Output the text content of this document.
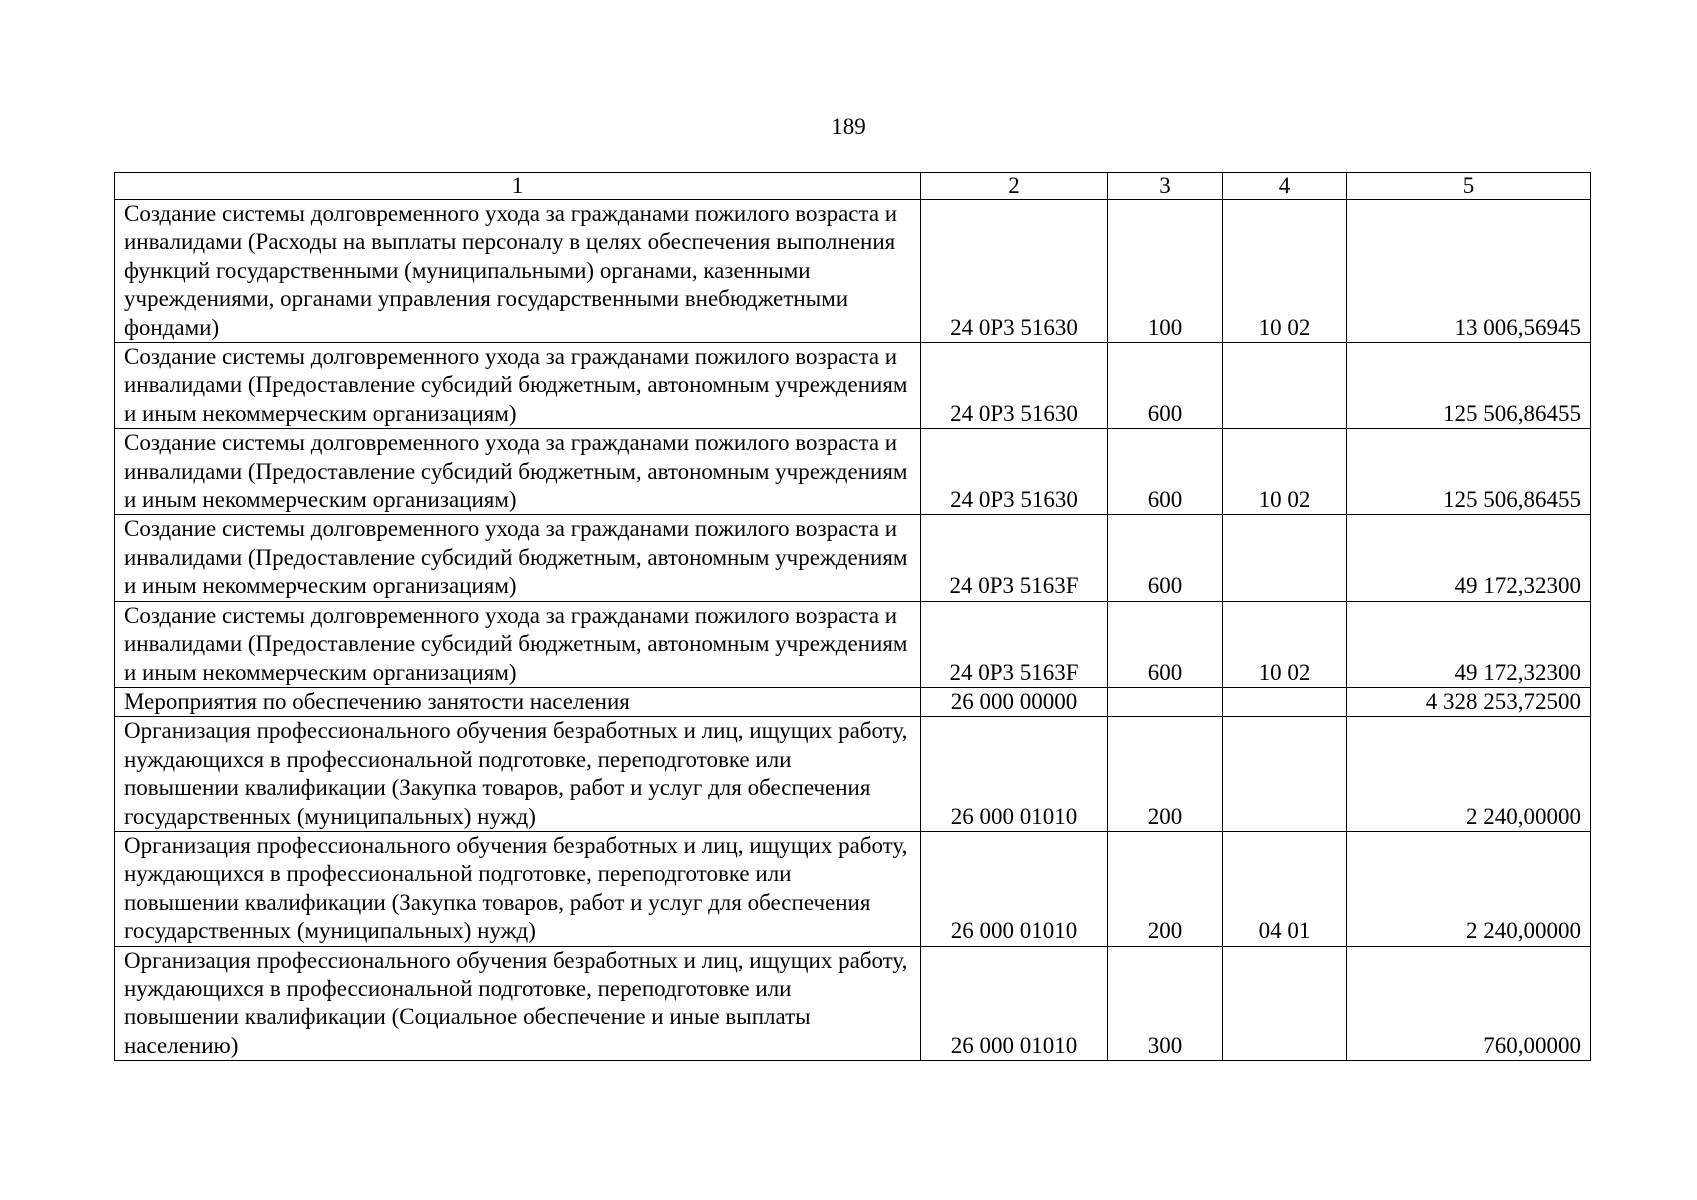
189
1	2	3	4	5
Создание системы долговременного ухода за гражданами пожилого возраста и инвалидами (Расходы на выплаты персоналу в целях обеспечения выполнения функций государственными (муниципальными) органами, казенными учреждениями, органами управления государственными внебюджетными фондами)	24 0Р3 51630	100	10 02	13 006,56945
Создание системы долговременного ухода за гражданами пожилого возраста и инвалидами (Предоставление субсидий бюджетным, автономным учреждениям и иным некоммерческим организациям)	24 0Р3 51630	600		125 506,86455
Создание системы долговременного ухода за гражданами пожилого возраста и инвалидами (Предоставление субсидий бюджетным, автономным учреждениям и иным некоммерческим организациям)	24 0Р3 51630	600	10 02	125 506,86455
Создание системы долговременного ухода за гражданами пожилого возраста и инвалидами (Предоставление субсидий бюджетным, автономным учреждениям и иным некоммерческим организациям)	24 0Р3 5163F	600		49 172,32300
Создание системы долговременного ухода за гражданами пожилого возраста и инвалидами (Предоставление субсидий бюджетным, автономным учреждениям и иным некоммерческим организациям)	24 0Р3 5163F	600	10 02	49 172,32300
Мероприятия по обеспечению занятости населения	26 000 00000			4 328 253,72500
Организация профессионального обучения безработных и лиц, ищущих работу, нуждающихся в профессиональной подготовке, переподготовке или повышении квалификации (Закупка товаров, работ и услуг для обеспечения государственных (муниципальных) нужд)	26 000 01010	200		2 240,00000
Организация профессионального обучения безработных и лиц, ищущих работу, нуждающихся в профессиональной подготовке, переподготовке или повышении квалификации (Закупка товаров, работ и услуг для обеспечения государственных (муниципальных) нужд)	26 000 01010	200	04 01	2 240,00000
Организация профессионального обучения безработных и лиц, ищущих работу, нуждающихся в профессиональной подготовке, переподготовке или повышении квалификации (Социальное обеспечение и иные выплаты населению)	26 000 01010	300		760,00000
